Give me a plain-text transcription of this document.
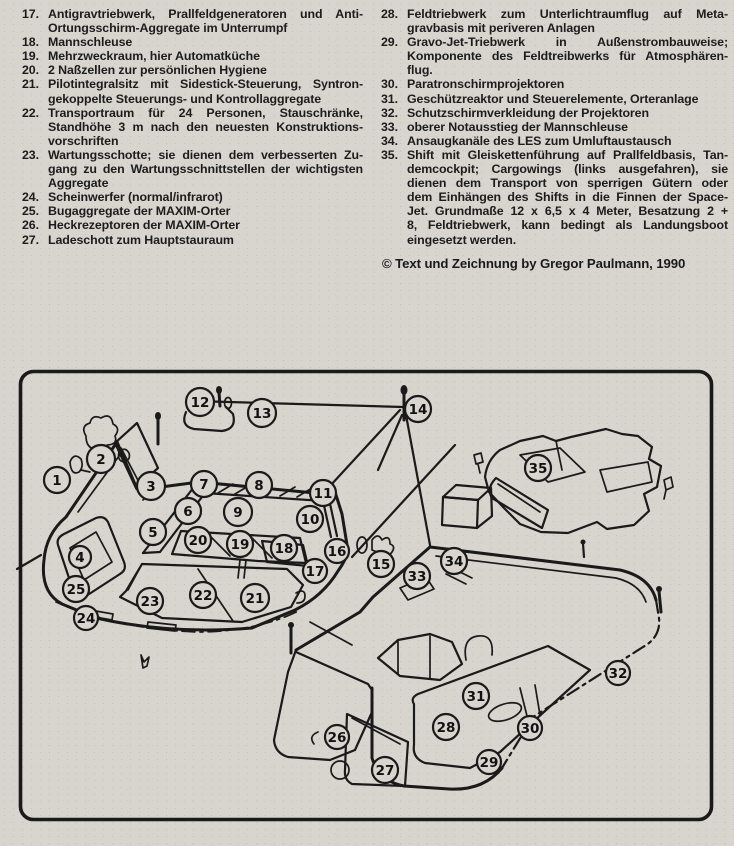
17. Antigravtriebwerk, Prallfeldgeneratoren und Anti-
Ortungsschirm-Aggregate im Unterrumpf
18. Mannschleuse
19. Mehrzweckraum, hier Automatküche
20. 2 Naßzellen zur persönlichen Hygiene
21. Pilotintegralsitz mit Sidestick-Steuerung, Syntron-
gekoppelte Steuerungs- und Kontrollaggregate
22. Transportraum für 24 Personen, Stauschränke,
Standhöhe 3 m nach den neuesten Konstruktions-
vorschriften
23. Wartungsschotte; sie dienen dem verbesserten Zu-
gang zu den Wartungsschnittstellen der wichtigsten
Aggregate
24. Scheinwerfer (normal/infrarot)
25. Bugaggregate der MAXIM-Orter
26. Heckrezeptoren der MAXIM-Orter
27. Ladeschott zum Hauptstauraum
28. Feldtriebwerk zum Unterlichtraumflug auf Meta-
gravbasis mit periveren Anlagen
29. Gravo-Jet-Triebwerk in Außenstrombauweise;
Komponente des Feldtreibwerks für Atmosphären-
flug.
30. Paratronschirmprojektoren
31. Geschützreaktor und Steuerelemente, Orteranlage
32. Schutzschirmverkleidung der Projektoren
33. oberer Notausstieg der Mannschleuse
34. Ansaugkanäle des LES zum Umluftaustausch
35. Shift mit Gleiskettenführung auf Prallfeldbasis, Tan-
demcockpit; Cargowings (links ausgefahren), sie
dienen dem Transport von sperrigen Gütern oder
dem Einhängen des Shifts in die Finnen der Space-
Jet. Grundmaße 12 x 6,5 x 4 Meter, Besatzung 2 +
8, Feldtriebwerk, kann bedingt als Landungsboot
eingesetzt werden.
© Text und Zeichnung by Gregor Paulmann, 1990
1
2
3
4
5
6
7	8
9	10
11
12
13	14
15
16
17
18
19
20
21
22
23
24
25
26
27
28
29
30
31
32
33
34
35
